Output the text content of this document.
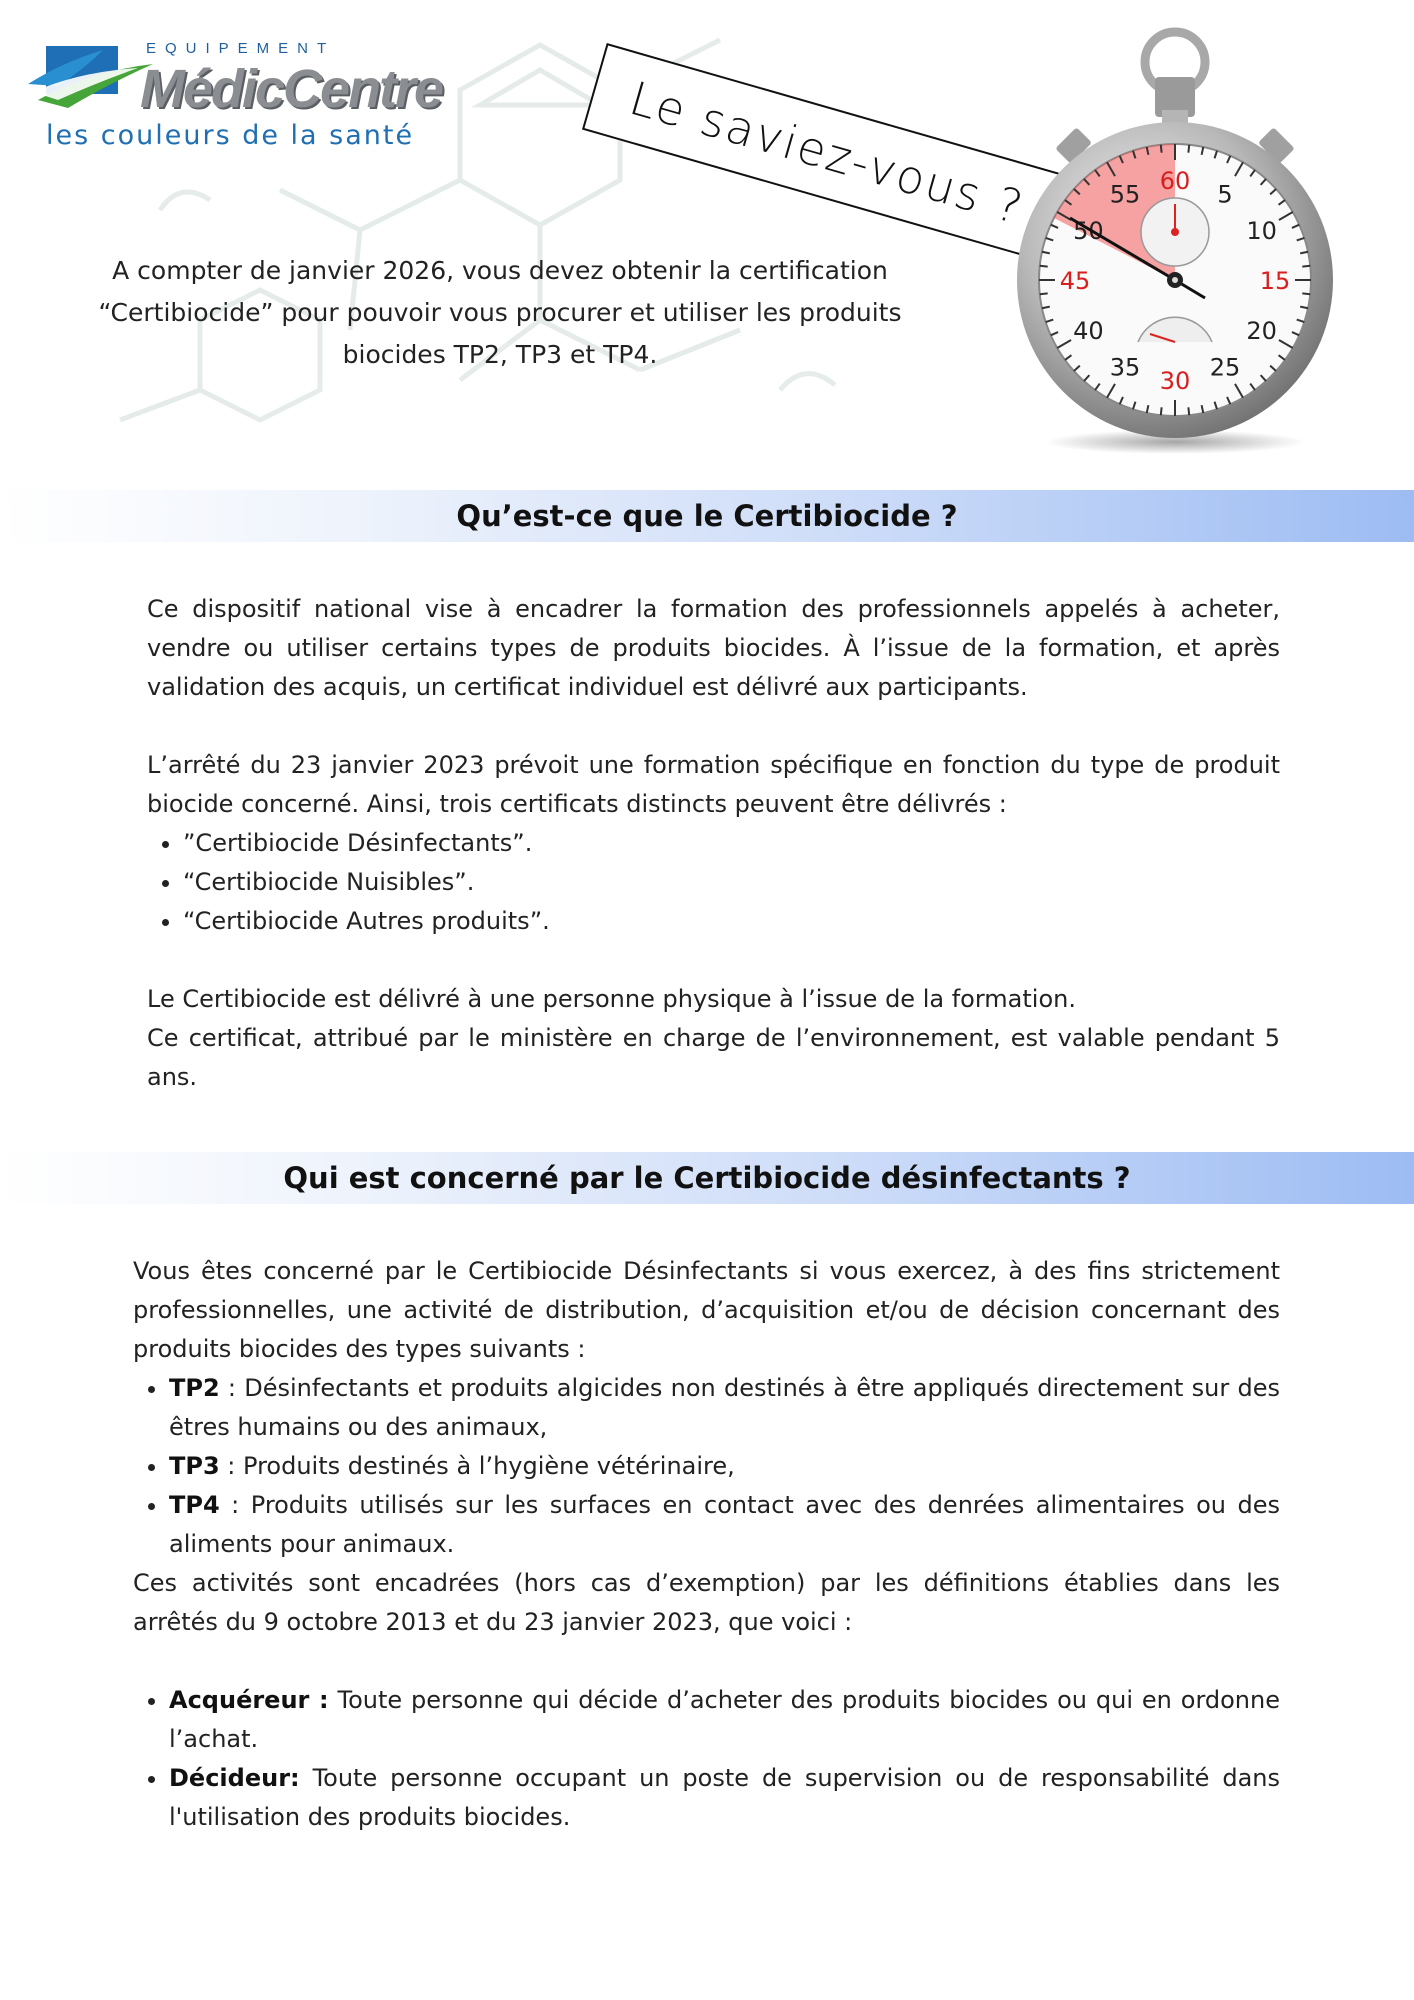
EQUIPEMENT
MédicCentre
les couleurs de la santé	Le saviez-vous ?	60 5
10
15
20
25
30
35
40
45
50
55
A compter de janvier 2026, vous devez obtenir la certification “Certibiocide” pour pouvoir vous procurer et utiliser les produits biocides TP2, TP3 et TP4.
Qu’est-ce que le Certibiocide ?

Ce dispositif national vise à encadrer la formation des professionnels appelés à acheter, vendre ou utiliser certains types de produits biocides. À l’issue de la formation, et après validation des acquis, un certificat individuel est délivré aux participants.

L’arrêté du 23 janvier 2023 prévoit une formation spécifique en fonction du type de produit biocide concerné. Ainsi, trois certificats distincts peuvent être délivrés :

• ”Certibiocide Désinfectants”.
• “Certibiocide Nuisibles”.
• “Certibiocide Autres produits”.

Le Certibiocide est délivré à une personne physique à l’issue de la formation.

Ce certificat, attribué par le ministère en charge de l’environnement, est valable pendant 5 ans.

Qui est concerné par le Certibiocide désinfectants ?

Vous êtes concerné par le Certibiocide Désinfectants si vous exercez, à des fins strictement professionnelles, une activité de distribution, d’acquisition et/ou de décision concernant des produits biocides des types suivants :

• TP2 : Désinfectants et produits algicides non destinés à être appliqués directement sur des êtres humains ou des animaux,
• TP3 : Produits destinés à l’hygiène vétérinaire,
• TP4 : Produits utilisés sur les surfaces en contact avec des denrées alimentaires ou des aliments pour animaux.

Ces activités sont encadrées (hors cas d’exemption) par les définitions établies dans les arrêtés du 9 octobre 2013 et du 23 janvier 2023, que voici :

• Acquéreur : Toute personne qui décide d’acheter des produits biocides ou qui en ordonne l’achat.
• Décideur: Toute personne occupant un poste de supervision ou de responsabilité dans l'utilisation des produits biocides.
